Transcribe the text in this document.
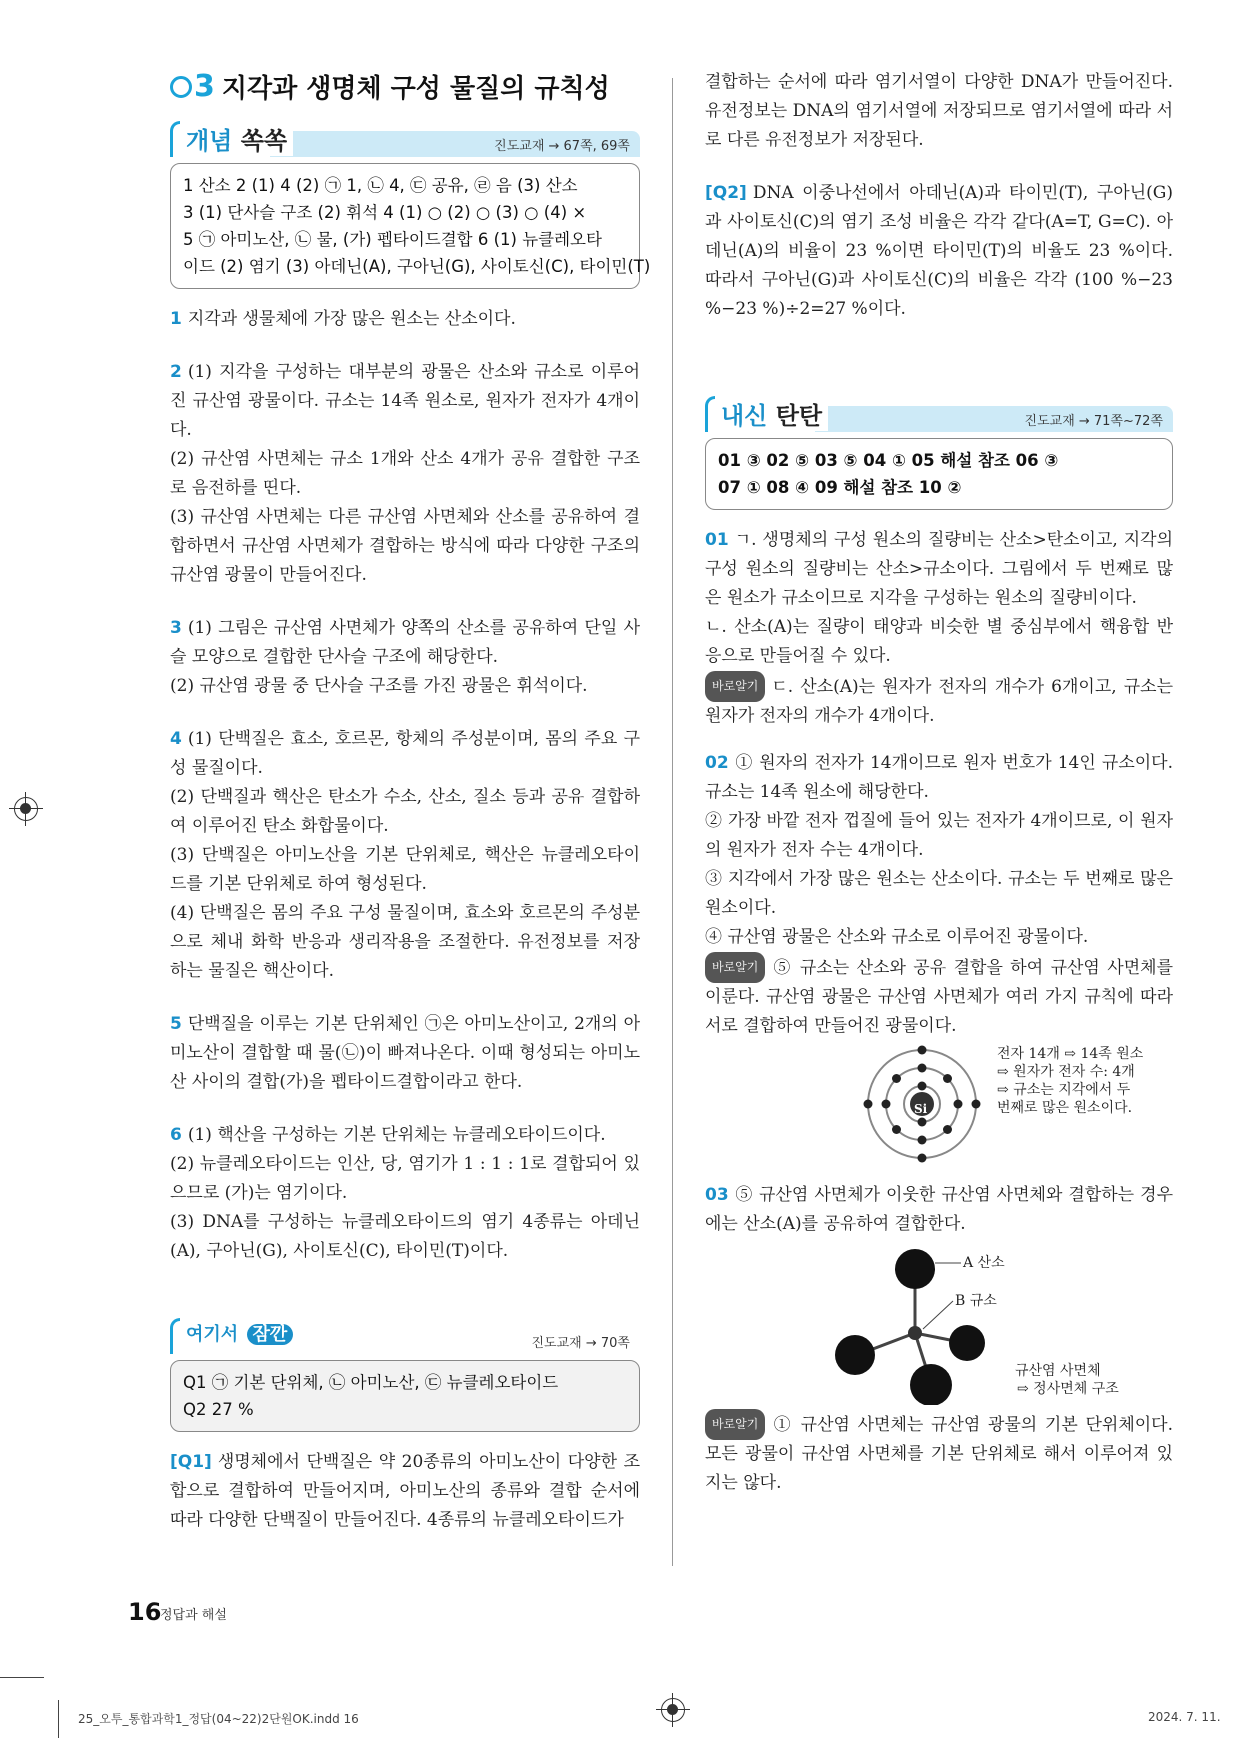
3 지각과 생명체 구성 물질의 규칙성
진도교재 → 67쪽, 69쪽
개념 쏙쏙
1 산소 2 (1) 4 (2) ㉠ 1, ㉡ 4, ㉢ 공유, ㉣ 음 (3) 산소
3 (1) 단사슬 구조 (2) 휘석 4 (1) ○ (2) ○ (3) ○ (4) ×
5 ㉠ 아미노산, ㉡ 물, (가) 펩타이드결합 6 (1) 뉴클레오타
이드 (2) 염기 (3) 아데닌(A), 구아닌(G), 사이토신(C), 타이민(T)

1 지각과 생물체에 가장 많은 원소는 산소이다.

2 (1) 지각을 구성하는 대부분의 광물은 산소와 규소로 이루어진 규산염 광물이다. 규소는 14족 원소로, 원자가 전자가 4개이다.

(2) 규산염 사면체는 규소 1개와 산소 4개가 공유 결합한 구조로 음전하를 띤다.

(3) 규산염 사면체는 다른 규산염 사면체와 산소를 공유하여 결합하면서 규산염 사면체가 결합하는 방식에 따라 다양한 구조의 규산염 광물이 만들어진다.

3 (1) 그림은 규산염 사면체가 양쪽의 산소를 공유하여 단일 사슬 모양으로 결합한 단사슬 구조에 해당한다.

(2) 규산염 광물 중 단사슬 구조를 가진 광물은 휘석이다.

4 (1) 단백질은 효소, 호르몬, 항체의 주성분이며, 몸의 주요 구성 물질이다.

(2) 단백질과 핵산은 탄소가 수소, 산소, 질소 등과 공유 결합하여 이루어진 탄소 화합물이다.

(3) 단백질은 아미노산을 기본 단위체로, 핵산은 뉴클레오타이드를 기본 단위체로 하여 형성된다.

(4) 단백질은 몸의 주요 구성 물질이며, 효소와 호르몬의 주성분으로 체내 화학 반응과 생리작용을 조절한다. 유전정보를 저장하는 물질은 핵산이다.

5 단백질을 이루는 기본 단위체인 ㉠은 아미노산이고, 2개의 아미노산이 결합할 때 물(㉡)이 빠져나온다. 이때 형성되는 아미노산 사이의 결합(가)을 펩타이드결합이라고 한다.

6 (1) 핵산을 구성하는 기본 단위체는 뉴클레오타이드이다.

(2) 뉴클레오타이드는 인산, 당, 염기가 1 : 1 : 1로 결합되어 있으므로 (가)는 염기이다.

(3) DNA를 구성하는 뉴클레오타이드의 염기 4종류는 아데닌(A), 구아닌(G), 사이토신(C), 타이민(T)이다.

진도교재 → 70쪽
여기서 잠깐
Q1 ㉠ 기본 단위체, ㉡ 아미노산, ㉢ 뉴클레오타이드
Q2 27 %
[Q1] 생명체에서 단백질은 약 20종류의 아미노산이 다양한 조합으로 결합하여 만들어지며, 아미노산의 종류와 결합 순서에 따라 다양한 단백질이 만들어진다. 4종류의 뉴클레오타이드가
결합하는 순서에 따라 염기서열이 다양한 DNA가 만들어진다. 유전정보는 DNA의 염기서열에 저장되므로 염기서열에 따라 서로 다른 유전정보가 저장된다.
[Q2] DNA 이중나선에서 아데닌(A)과 타이민(T), 구아닌(G)과 사이토신(C)의 염기 조성 비율은 각각 같다(A=T, G=C). 아데닌(A)의 비율이 23 %이면 타이민(T)의 비율도 23 %이다. 따라서 구아닌(G)과 사이토신(C)의 비율은 각각 (100 %−23 %−23 %)÷2=27 %이다.
진도교재 → 71쪽~72쪽
내신 탄탄
01 ③ 02 ⑤ 03 ⑤ 04 ① 05 해설 참조 06 ③
07 ① 08 ④ 09 해설 참조 10 ②

01 ㄱ. 생명체의 구성 원소의 질량비는 산소>탄소이고, 지각의 구성 원소의 질량비는 산소>규소이다. 그림에서 두 번째로 많은 원소가 규소이므로 지각을 구성하는 원소의 질량비이다.

ㄴ. 산소(A)는 질량이 태양과 비슷한 별 중심부에서 핵융합 반응으로 만들어질 수 있다.

바로알기 ㄷ. 산소(A)는 원자가 전자의 개수가 6개이고, 규소는 원자가 전자의 개수가 4개이다.

02 ① 원자의 전자가 14개이므로 원자 번호가 14인 규소이다. 규소는 14족 원소에 해당한다.

② 가장 바깥 전자 껍질에 들어 있는 전자가 4개이므로, 이 원자의 원자가 전자 수는 4개이다.

③ 지각에서 가장 많은 원소는 산소이다. 규소는 두 번째로 많은 원소이다.

④ 규산염 광물은 산소와 규소로 이루어진 광물이다.

바로알기 ⑤ 규소는 산소와 공유 결합을 하여 규산염 사면체를 이룬다. 규산염 광물은 규산염 사면체가 여러 가지 규칙에 따라 서로 결합하여 만들어진 광물이다.

Si
전자 14개 ⇨ 14족 원소
⇨ 원자가 전자 수: 4개
⇨ 규소는 지각에서 두
번째로 많은 원소이다.

03 ⑤ 규산염 사면체가 이웃한 규산염 사면체와 결합하는 경우에는 산소(A)를 공유하여 결합한다.

A 산소
B 규소
규산염 사면체
⇨ 정사면체 구조

바로알기 ① 규산염 사면체는 규산염 광물의 기본 단위체이다. 모든 광물이 규산염 사면체를 기본 단위체로 해서 이루어져 있지는 않다.

16
정답과 해설
25_오투_통합과학1_정답(04~22)2단원OK.indd 16	2024. 7. 11.
